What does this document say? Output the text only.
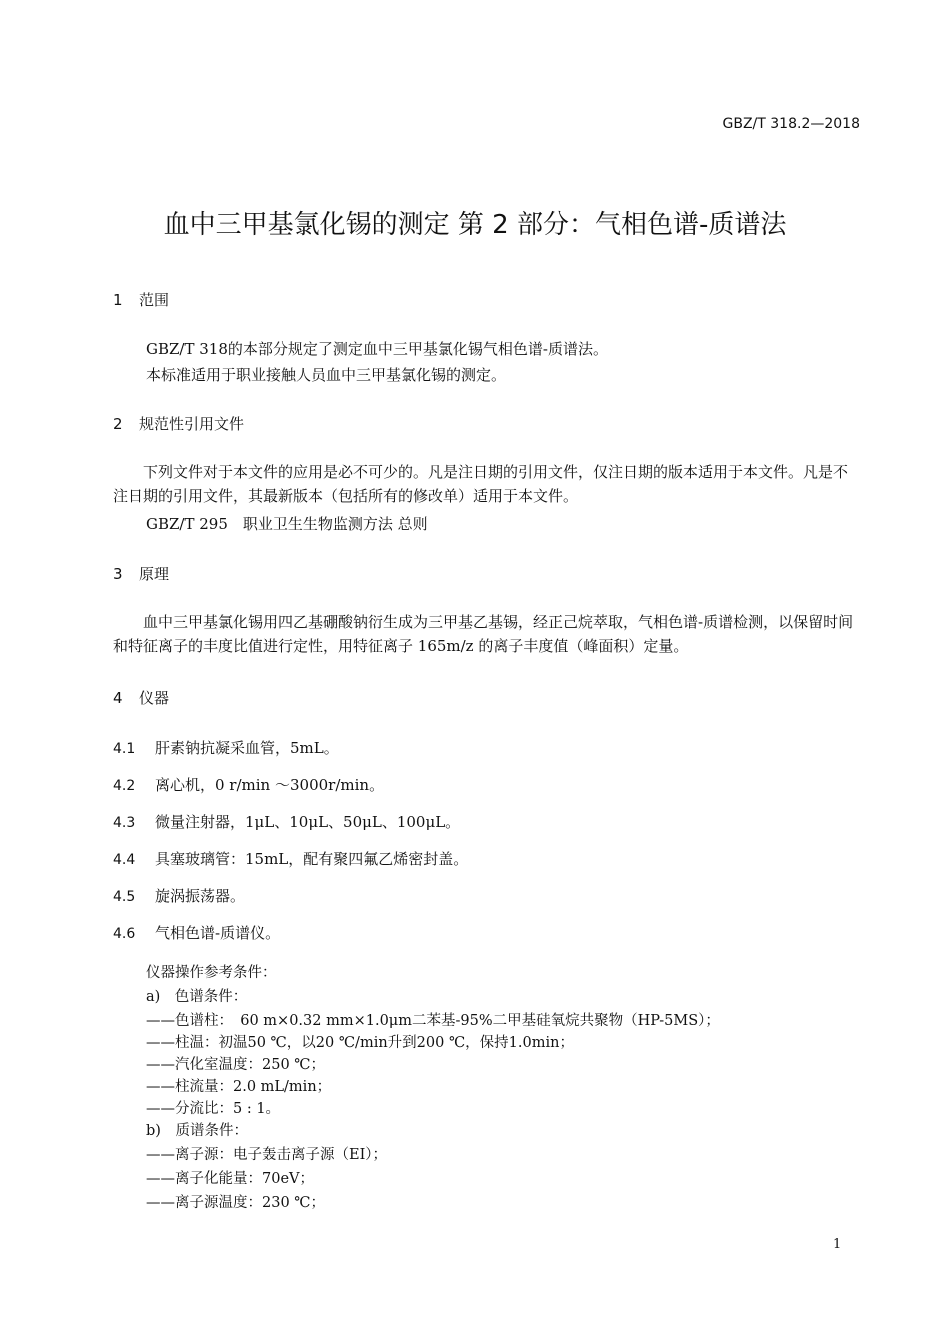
GBZ/T 318.2—2018
血中三甲基氯化锡的测定 第 2 部分：气相色谱-质谱法
1 范围
GBZ/T 318的本部分规定了测定血中三甲基氯化锡气相色谱-质谱法。
本标准适用于职业接触人员血中三甲基氯化锡的测定。
2 规范性引用文件
下列文件对于本文件的应用是必不可少的。凡是注日期的引用文件，仅注日期的版本适用于本文件。凡是不注日期的引用文件，其最新版本（包括所有的修改单）适用于本文件。
GBZ/T 295　职业卫生生物监测方法 总则
3 原理
血中三甲基氯化锡用四乙基硼酸钠衍生成为三甲基乙基锡，经正己烷萃取，气相色谱-质谱检测，以保留时间和特征离子的丰度比值进行定性，用特征离子 165m/z 的离子丰度值（峰面积）定量。
4 仪器
4.1 肝素钠抗凝采血管，5mL。
4.2 离心机，0 r/min ～3000r/min。
4.3 微量注射器，1μL、10μL、50μL、100μL。
4.4 具塞玻璃管：15mL，配有聚四氟乙烯密封盖。
4.5 旋涡振荡器。
4.6 气相色谱-质谱仪。
仪器操作参考条件：
a)　色谱条件：
——色谱柱：　60 m×0.32 mm×1.0μm二苯基-95%二甲基硅氧烷共聚物（HP-5MS）；
——柱温：初温50 ℃，以20 ℃/min升到200 ℃，保持1.0min；
——汽化室温度：250 ℃；
——柱流量：2.0 mL/min；
——分流比：5 : 1。
b)　质谱条件：
——离子源：电子轰击离子源（EI）；
——离子化能量：70eV；
——离子源温度：230 ℃；
1
